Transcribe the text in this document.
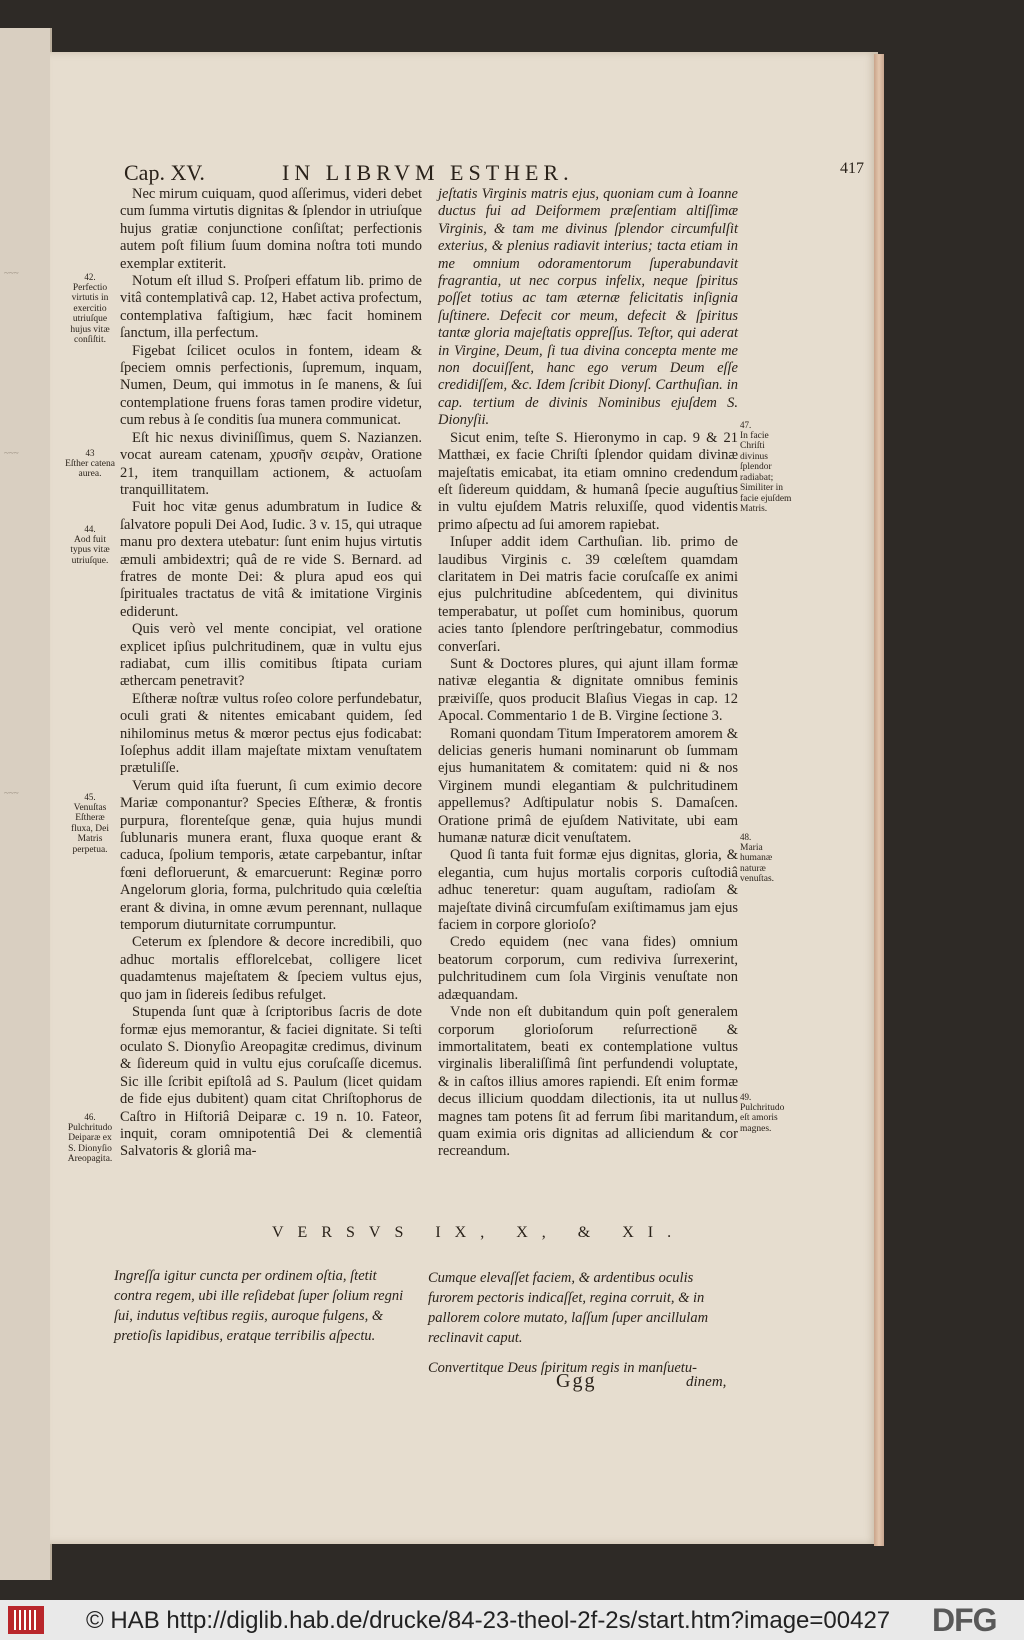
~~~
~~~
~~~
Cap. XV.	IN LIBRVM ESTHER.	417

Nec mirum cuiquam, quod aſſerimus, videri debet cum ſumma virtutis dignitas & ſplendor in utriuſque hujus gratiæ conjunctione conſiſtat; perfectionis autem poſt filium ſuum domina noſtra toti mundo exemplar extiterit.

Notum eſt illud S. Proſperi effatum lib. primo de vitâ contemplativâ cap. 12, Habet activa profectum, contemplativa faſtigium, hæc facit hominem ſanctum, illa perfectum.

Figebat ſcilicet oculos in fontem, ideam & ſpeciem omnis perfectionis, ſupremum, inquam, Numen, Deum, qui immotus in ſe manens, & ſui contemplatione fruens foras tamen prodire videtur, cum rebus à ſe conditis ſua munera communicat.

Eſt hic nexus diviniſſimus, quem S. Nazianzen. vocat auream catenam, χρυσῆν σειρὰν, Oratione 21, item tranquillam actionem, & actuoſam tranquillitatem.

Fuit hoc vitæ genus adumbratum in Iudice & ſalvatore populi Dei Aod, Iudic. 3 v. 15, qui utraque manu pro dextera utebatur: ſunt enim hujus virtutis æmuli ambidextri; quâ de re vide S. Bernard. ad fratres de monte Dei: & plura apud eos qui ſpirituales tractatus de vitâ & imitatione Virginis ediderunt.

Quis verò vel mente concipiat, vel oratione explicet ipſius pulchritudinem, quæ in vultu ejus radiabat, cum illis comitibus ſtipata curiam æthercam penetravit?

Eſtheræ noſtræ vultus roſeo colore perfundebatur, oculi grati & nitentes emicabant quidem, ſed nihilominus metus & mœror pectus ejus fodicabat: Ioſephus addit illam majeſtate mixtam venuſtatem prætuliſſe.

Verum quid iſta fuerunt, ſi cum eximio decore Mariæ componantur? Species Eſtheræ, & frontis purpura, florenteſque genæ, quia hujus mundi ſublunaris munera erant, fluxa quoque erant & caduca, ſpolium temporis, ætate carpebantur, inſtar fœni defloruerunt, & emarcuerunt: Reginæ porro Angelorum gloria, forma, pulchritudo quia cœleſtia erant & divina, in omne ævum perennant, nullaque temporum diuturnitate corrumpuntur.

Ceterum ex ſplendore & decore incredibili, quo adhuc mortalis efflorelcebat, colligere licet quadamtenus majeſtatem & ſpeciem vultus ejus, quo jam in ſidereis ſedibus refulget.

Stupenda ſunt quæ à ſcriptoribus ſacris de dote formæ ejus memorantur, & faciei dignitate. Si teſti oculato S. Dionyſio Areopagitæ credimus, divinum & ſidereum quid in vultu ejus coruſcaſſe dicemus. Sic ille ſcribit epiſtolâ ad S. Paulum (licet quidam de fide ejus dubitent) quam citat Chriſtophorus de Caſtro in Hiſtoriâ Deiparæ c. 19 n. 10. Fateor, inquit, coram omnipotentiâ Dei & clementiâ Salvatoris & gloriâ ma-

jeſtatis Virginis matris ejus, quoniam cum à Ioanne ductus fui ad Deiformem præſentiam altiſſimæ Virginis, & tam me divinus ſplendor circumfulſit exterius, & plenius radiavit interius; tacta etiam in me omnium odoramentorum ſuperabundavit fragrantia, ut nec corpus infelix, neque ſpiritus poſſet totius ac tam æternæ felicitatis inſignia ſuſtinere. Defecit cor meum, defecit & ſpiritus tantæ gloria majeſtatis oppreſſus. Teſtor, qui aderat in Virgine, Deum, ſi tua divina concepta mente me non docuiſſent, hanc ego verum Deum eſſe credidiſſem, &c. Idem ſcribit Dionyſ. Carthuſian. in cap. tertium de divinis Nominibus ejuſdem S. Dionyſii.

Sicut enim, teſte S. Hieronymo in cap. 9 & 21 Matthæi, ex facie Chriſti ſplendor quidam divinæ majeſtatis emicabat, ita etiam omnino credendum eſt ſidereum quiddam, & humanâ ſpecie auguſtius in vultu ejuſdem Matris reluxiſſe, quod videntis primo aſpectu ad ſui amorem rapiebat.

Inſuper addit idem Carthuſian. lib. primo de laudibus Virginis c. 39 cœleſtem quamdam claritatem in Dei matris facie coruſcaſſe ex animi ejus pulchritudine abſcedentem, qui divinitus temperabatur, ut poſſet cum hominibus, quorum acies tanto ſplendore perſtringebatur, commodius converſari.

Sunt & Doctores plures, qui ajunt illam formæ nativæ elegantia & dignitate omnibus feminis præiviſſe, quos producit Blaſius Viegas in cap. 12 Apocal. Commentario 1 de B. Virgine ſectione 3.

Romani quondam Titum Imperatorem amorem & delicias generis humani nominarunt ob ſummam ejus humanitatem & comitatem: quid ni & nos Virginem mundi elegantiam & pulchritudinem appellemus? Adſtipulatur nobis S. Damaſcen. Oratione primâ de ejuſdem Nativitate, ubi eam humanæ naturæ dicit venuſtatem.

Quod ſi tanta fuit formæ ejus dignitas, gloria, & elegantia, cum hujus mortalis corporis cuſtodiâ adhuc teneretur: quam auguſtam, radioſam & majeſtate divinâ circumfuſam exiſtimamus jam ejus faciem in corpore glorioſo?

Credo equidem (nec vana fides) omnium beatorum corporum, cum rediviva ſurrexerint, pulchritudinem cum ſola Virginis venuſtate non adæquandam.

Vnde non eſt dubitandum quin poſt generalem corporum glorioſorum reſurrectionē & immortalitatem, beati ex contemplatione vultus virginalis liberaliſſimâ ſint perfundendi voluptate, & in caſtos illius amores rapiendi. Eſt enim formæ decus illicium quoddam dilectionis, ita ut nullus magnes tam potens ſit ad ferrum ſibi maritandum, quam eximia oris dignitas ad alliciendum & cor recreandum.

42.
Perfectio virtutis in exercitio utriuſque hujus vitæ conſiſtit.
43
Eſther catena aurea.
44.
Aod fuit typus vitæ utriuſque.
45.
Venuſtas Eſtheræ fluxa, Dei Matris perpetua.
46.
Pulchritudo Deiparæ ex S. Dionyſio Areopagita.
47.
In facie Chriſti divinus ſplendor radiabat; Similiter in facie ejuſdem Matris.
48.
Maria humanæ naturæ venuſtas.
49.
Pulchritudo eſt amoris magnes.
VERSVS IX, X, & XI.
Ingreſſa igitur cuncta per ordinem oſtia, ſtetit contra regem, ubi ille reſidebat ſuper ſolium regni ſui, indutus veſtibus regiis, auroque fulgens, & pretioſis lapidibus, eratque terribilis aſpectu.
Cumque elevaſſet faciem, & ardentibus oculis furorem pectoris indicaſſet, regina corruit, & in pallorem colore mutato, laſſum ſuper ancillulam reclinavit caput.
Convertitque Deus ſpiritum regis in manſuetu-
Ggg	dinem,
© HAB http://diglib.hab.de/drucke/84-23-theol-2f-2s/start.htm?image=00427 DFG
